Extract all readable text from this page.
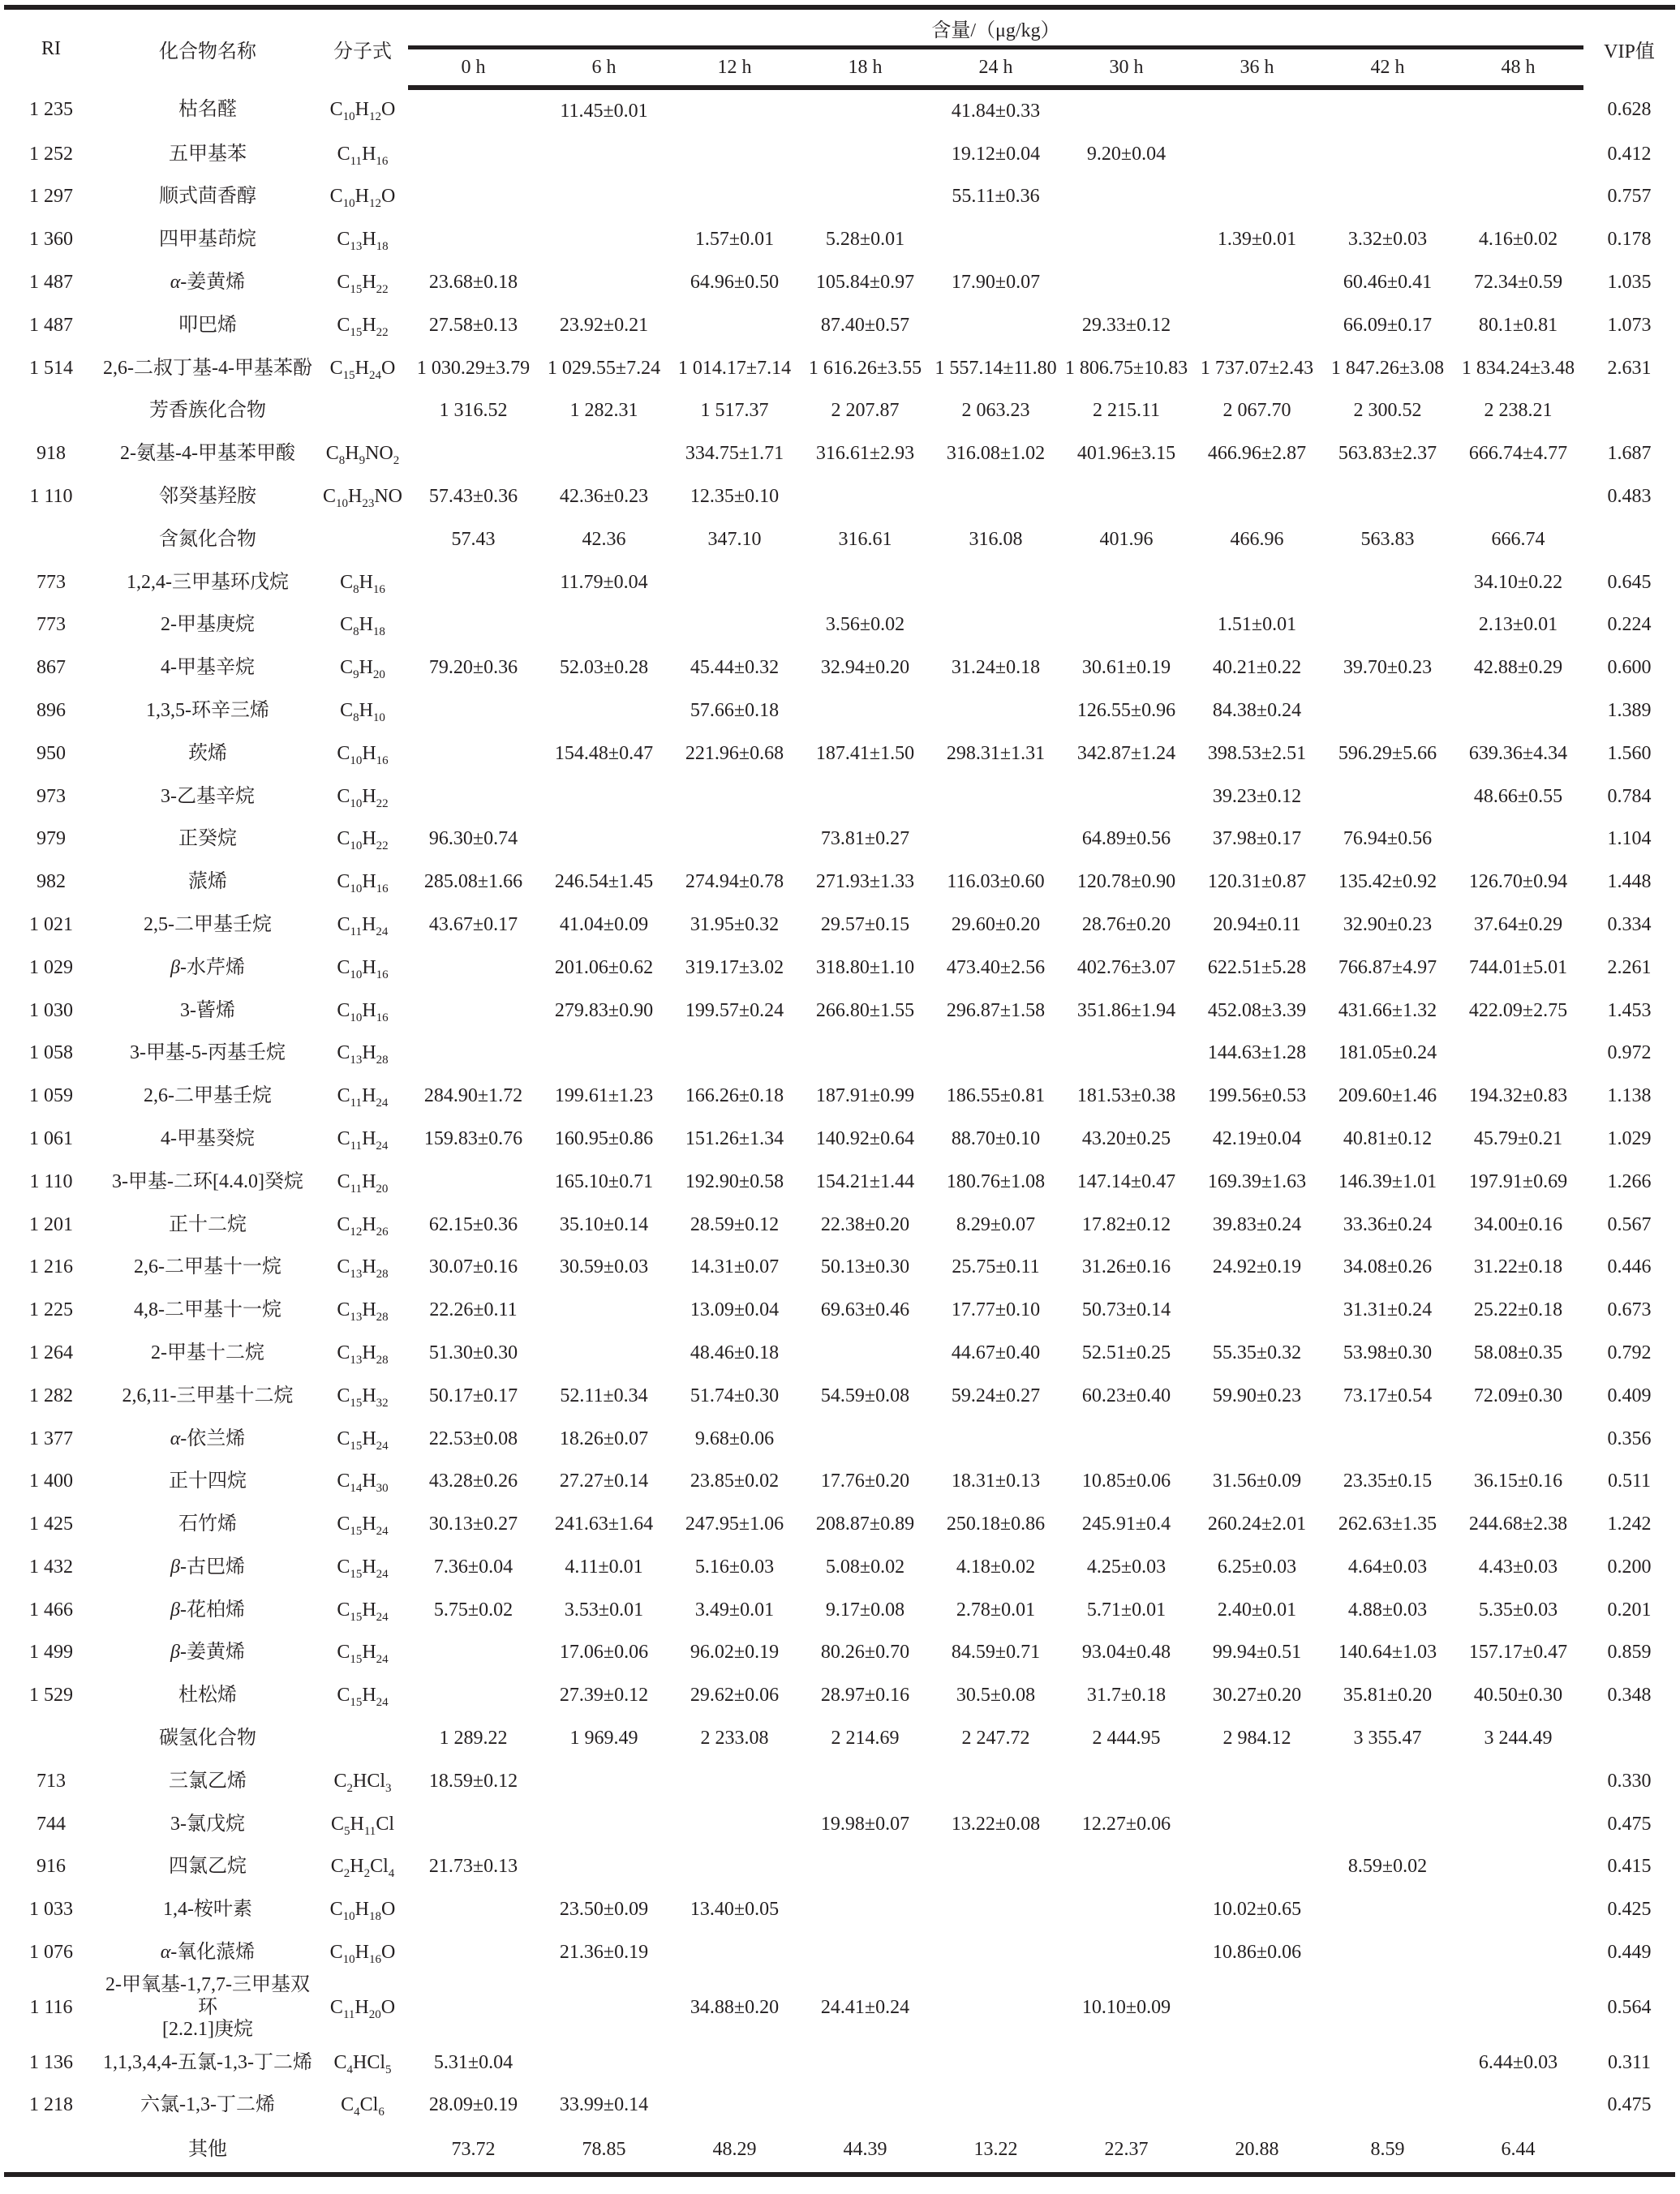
RI	化合物名称	分子式	含量/（μg/kg）									VIP值
			0 h	6 h	12 h	18 h	24 h	30 h	36 h	42 h	48 h	
1 235	枯名醛	$C_{10}H_{12}O$		11.45±0.01			41.84±0.33					0.628
1 252	五甲基苯	$C_{11}H_{16}$					19.12±0.04	9.20±0.04				0.412
1 297	顺式茴香醇	$C_{10}H_{12}O$					55.11±0.36					0.757
1 360	四甲基茚烷	$C_{13}H_{18}$			1.57±0.01	5.28±0.01			1.39±0.01	3.32±0.03	4.16±0.02	0.178
1 487	α-姜黄烯	$C_{15}H_{22}$	23.68±0.18		64.96±0.50	105.84±0.97	17.90±0.07			60.46±0.41	72.34±0.59	1.035
1 487	叩巴烯	$C_{15}H_{22}$	27.58±0.13	23.92±0.21		87.40±0.57		29.33±0.12		66.09±0.17	80.1±0.81	1.073
1 514	2,6-二叔丁基-4-甲基苯酚	$C_{15}H_{24}O$	1 030.29±3.79	1 029.55±7.24	1 014.17±7.14	1 616.26±3.55	1 557.14±11.80	1 806.75±10.83	1 737.07±2.43	1 847.26±3.08	1 834.24±3.48	2.631
	芳香族化合物		1 316.52	1 282.31	1 517.37	2 207.87	2 063.23	2 215.11	2 067.70	2 300.52	2 238.21	
918	2-氨基-4-甲基苯甲酸	$C_8H_9NO_2$			334.75±1.71	316.61±2.93	316.08±1.02	401.96±3.15	466.96±2.87	563.83±2.37	666.74±4.77	1.687
1 110	邻癸基羟胺	$C_{10}H_{23}NO$	57.43±0.36	42.36±0.23	12.35±0.10							0.483
	含氮化合物		57.43	42.36	347.10	316.61	316.08	401.96	466.96	563.83	666.74	
773	1,2,4-三甲基环戊烷	$C_8H_{16}$		11.79±0.04							34.10±0.22	0.645
773	2-甲基庚烷	$C_8H_{18}$				3.56±0.02			1.51±0.01		2.13±0.01	0.224
867	4-甲基辛烷	$C_9H_{20}$	79.20±0.36	52.03±0.28	45.44±0.32	32.94±0.20	31.24±0.18	30.61±0.19	40.21±0.22	39.70±0.23	42.88±0.29	0.600
896	1,3,5-环辛三烯	$C_8H_{10}$			57.66±0.18			126.55±0.96	84.38±0.24			1.389
950	莰烯	$C_{10}H_{16}$		154.48±0.47	221.96±0.68	187.41±1.50	298.31±1.31	342.87±1.24	398.53±2.51	596.29±5.66	639.36±4.34	1.560
973	3-乙基辛烷	$C_{10}H_{22}$							39.23±0.12		48.66±0.55	0.784
979	正癸烷	$C_{10}H_{22}$	96.30±0.74			73.81±0.27		64.89±0.56	37.98±0.17	76.94±0.56		1.104
982	蒎烯	$C_{10}H_{16}$	285.08±1.66	246.54±1.45	274.94±0.78	271.93±1.33	116.03±0.60	120.78±0.90	120.31±0.87	135.42±0.92	126.70±0.94	1.448
1 021	2,5-二甲基壬烷	$C_{11}H_{24}$	43.67±0.17	41.04±0.09	31.95±0.32	29.57±0.15	29.60±0.20	28.76±0.20	20.94±0.11	32.90±0.23	37.64±0.29	0.334
1 029	β-水芹烯	$C_{10}H_{16}$		201.06±0.62	319.17±3.02	318.80±1.10	473.40±2.56	402.76±3.07	622.51±5.28	766.87±4.97	744.01±5.01	2.261
1 030	3-蒈烯	$C_{10}H_{16}$		279.83±0.90	199.57±0.24	266.80±1.55	296.87±1.58	351.86±1.94	452.08±3.39	431.66±1.32	422.09±2.75	1.453
1 058	3-甲基-5-丙基壬烷	$C_{13}H_{28}$							144.63±1.28	181.05±0.24		0.972
1 059	2,6-二甲基壬烷	$C_{11}H_{24}$	284.90±1.72	199.61±1.23	166.26±0.18	187.91±0.99	186.55±0.81	181.53±0.38	199.56±0.53	209.60±1.46	194.32±0.83	1.138
1 061	4-甲基癸烷	$C_{11}H_{24}$	159.83±0.76	160.95±0.86	151.26±1.34	140.92±0.64	88.70±0.10	43.20±0.25	42.19±0.04	40.81±0.12	45.79±0.21	1.029
1 110	3-甲基-二环[4.4.0]癸烷	$C_{11}H_{20}$		165.10±0.71	192.90±0.58	154.21±1.44	180.76±1.08	147.14±0.47	169.39±1.63	146.39±1.01	197.91±0.69	1.266
1 201	正十二烷	$C_{12}H_{26}$	62.15±0.36	35.10±0.14	28.59±0.12	22.38±0.20	8.29±0.07	17.82±0.12	39.83±0.24	33.36±0.24	34.00±0.16	0.567
1 216	2,6-二甲基十一烷	$C_{13}H_{28}$	30.07±0.16	30.59±0.03	14.31±0.07	50.13±0.30	25.75±0.11	31.26±0.16	24.92±0.19	34.08±0.26	31.22±0.18	0.446
1 225	4,8-二甲基十一烷	$C_{13}H_{28}$	22.26±0.11		13.09±0.04	69.63±0.46	17.77±0.10	50.73±0.14		31.31±0.24	25.22±0.18	0.673
1 264	2-甲基十二烷	$C_{13}H_{28}$	51.30±0.30		48.46±0.18		44.67±0.40	52.51±0.25	55.35±0.32	53.98±0.30	58.08±0.35	0.792
1 282	2,6,11-三甲基十二烷	$C_{15}H_{32}$	50.17±0.17	52.11±0.34	51.74±0.30	54.59±0.08	59.24±0.27	60.23±0.40	59.90±0.23	73.17±0.54	72.09±0.30	0.409
1 377	α-依兰烯	$C_{15}H_{24}$	22.53±0.08	18.26±0.07	9.68±0.06							0.356
1 400	正十四烷	$C_{14}H_{30}$	43.28±0.26	27.27±0.14	23.85±0.02	17.76±0.20	18.31±0.13	10.85±0.06	31.56±0.09	23.35±0.15	36.15±0.16	0.511
1 425	石竹烯	$C_{15}H_{24}$	30.13±0.27	241.63±1.64	247.95±1.06	208.87±0.89	250.18±0.86	245.91±0.4	260.24±2.01	262.63±1.35	244.68±2.38	1.242
1 432	β-古巴烯	$C_{15}H_{24}$	7.36±0.04	4.11±0.01	5.16±0.03	5.08±0.02	4.18±0.02	4.25±0.03	6.25±0.03	4.64±0.03	4.43±0.03	0.200
1 466	β-花柏烯	$C_{15}H_{24}$	5.75±0.02	3.53±0.01	3.49±0.01	9.17±0.08	2.78±0.01	5.71±0.01	2.40±0.01	4.88±0.03	5.35±0.03	0.201
1 499	β-姜黄烯	$C_{15}H_{24}$		17.06±0.06	96.02±0.19	80.26±0.70	84.59±0.71	93.04±0.48	99.94±0.51	140.64±1.03	157.17±0.47	0.859
1 529	杜松烯	$C_{15}H_{24}$		27.39±0.12	29.62±0.06	28.97±0.16	30.5±0.08	31.7±0.18	30.27±0.20	35.81±0.20	40.50±0.30	0.348
	碳氢化合物		1 289.22	1 969.49	2 233.08	2 214.69	2 247.72	2 444.95	2 984.12	3 355.47	3 244.49	
713	三氯乙烯	$C_2HCl_3$	18.59±0.12									0.330
744	3-氯戊烷	$C_5H_{11}Cl$				19.98±0.07	13.22±0.08	12.27±0.06				0.475
916	四氯乙烷	$C_2H_2Cl_4$	21.73±0.13							8.59±0.02		0.415
1 033	1,4-桉叶素	$C_{10}H_{18}O$		23.50±0.09	13.40±0.05				10.02±0.65			0.425
1 076	α-氧化蒎烯	$C_{10}H_{16}O$		21.36±0.19					10.86±0.06			0.449
1 116	2-甲氧基-1,7,7-三甲基双环
[2.2.1]庚烷	$C_{11}H_{20}O$			34.88±0.20	24.41±0.24		10.10±0.09				0.564
1 136	1,1,3,4,4-五氯-1,3-丁二烯	$C_4HCl_5$	5.31±0.04								6.44±0.03	0.311
1 218	六氯-1,3-丁二烯	$C_4Cl_6$	28.09±0.19	33.99±0.14								0.475
	其他		73.72	78.85	48.29	44.39	13.22	22.37	20.88	8.59	6.44	
